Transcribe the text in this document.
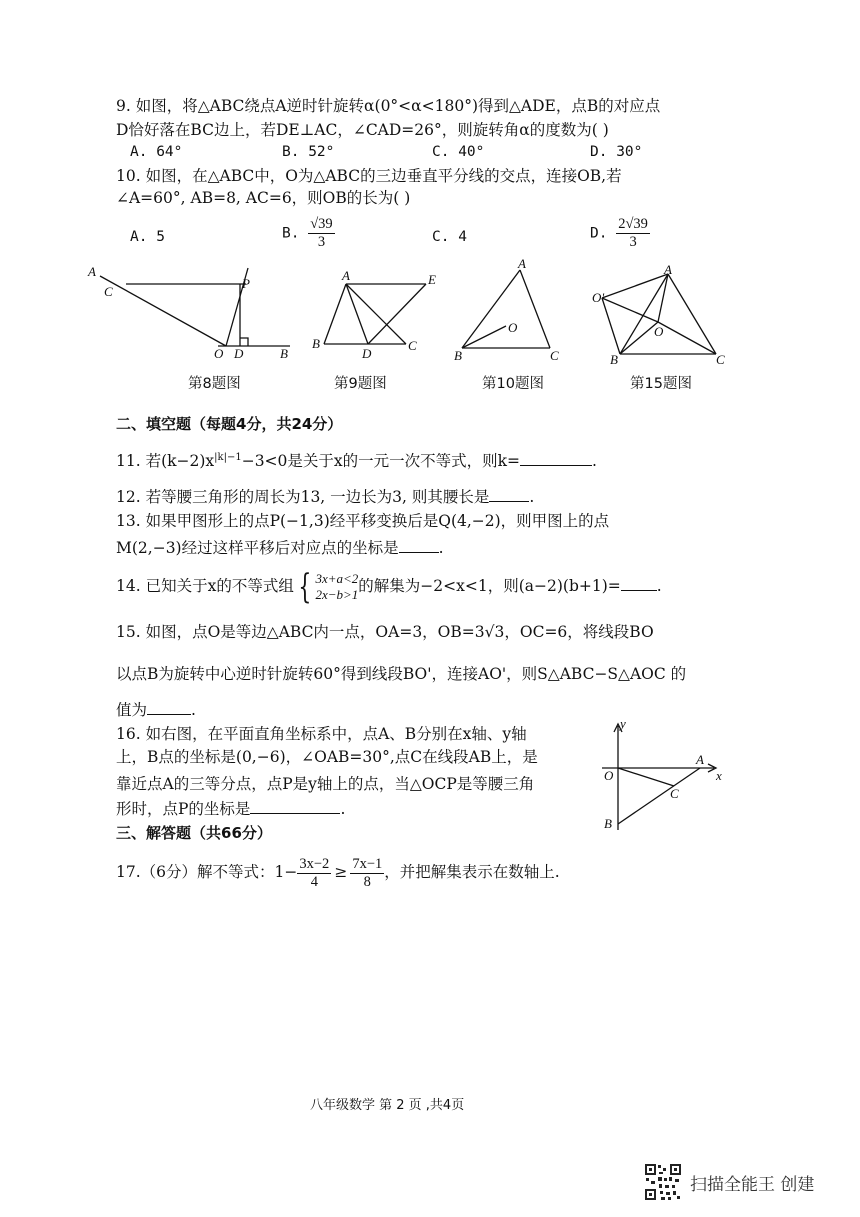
9. 如图，将△ABC绕点A逆时针旋转α(0°<α<180°)得到△ADE，点B的对应点
D恰好落在BC边上，若DE⊥AC，∠CAD=26°，则旋转角α的度数为( )
A. 64°	B. 52°	C. 40°	D. 30°
10. 如图，在△ABC中，O为△ABC的三边垂直平分线的交点，连接OB,若
∠A=60°, AB=8, AC=6，则OB的长为( )
A. 5	B. $\frac{√39}{3}$	C. 4	D. $\frac{2√39}{3}$
A
C
P
O D	B
A	E
B
D
C
A
O
B	C
A
O'
O
B	C
第8题图	第9题图	第10题图	第15题图
二、填空题（每题4分，共24分）
11. 若$(k-2)x^{|k|-1}-3<0$是关于x的一元一次不等式，则k=	.
12. 若等腰三角形的周长为13, 一边长为3, 则其腰长是	.
13. 如果甲图形上的点P(−1,3)经平移变换后是Q(4,−2)，则甲图上的点
M(2,−3)经过这样平移后对应点的坐标是	.
14. 已知关于x的不等式组 { 3x+a<2
2x−b>1 的解集为−2<x<1，则(a−2)(b+1)= .
15. 如图，点O是等边△ABC内一点，OA=3，OB=3√3，OC=6，将线段BO
以点B为旋转中心逆时针旋转60°得到线段BO'，连接AO'，则S△ABC−S△AOC 的
值为	.
16. 如右图，在平面直角坐标系中，点A、B分别在x轴、y轴
上，B点的坐标是(0,−6)，∠OAB=30°,点C在线段AB上，是
靠近点A的三等分点，点P是y轴上的点，当△OCP是等腰三角
形时，点P的坐标是	.
y
A
x
O
C
B
三、解答题（共66分）
17.（6分）解不等式：$1- \frac{3x-2}{4} \ge \frac{7x-1}{8}$ ，并把解集表示在数轴上.
八年级数学 第 2 页 ,共4页
扫描全能王 创建
